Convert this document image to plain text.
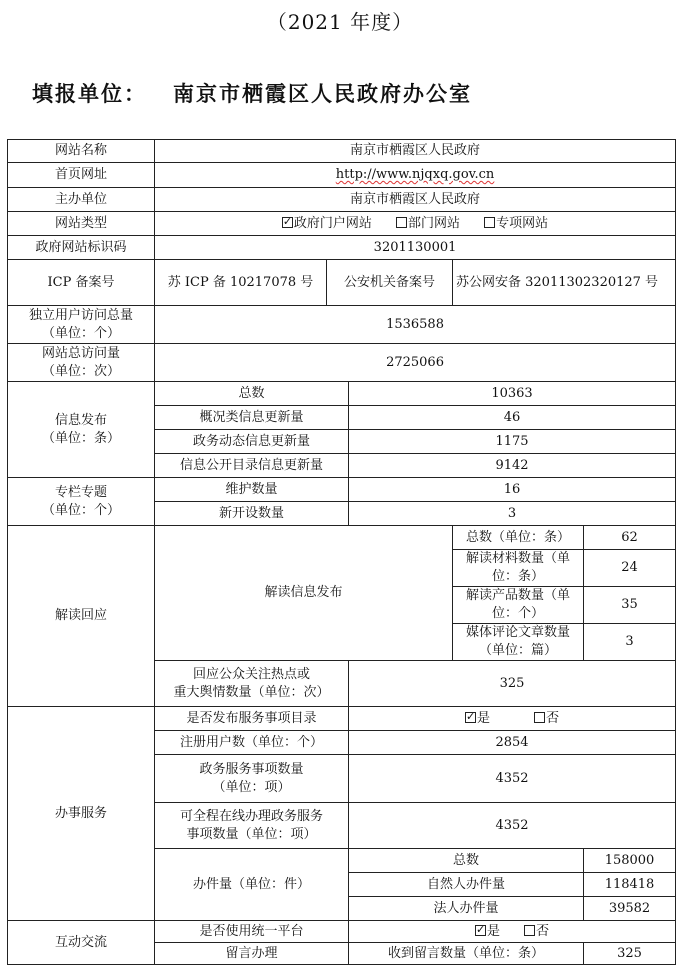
（2021 年度）
填报单位： 南京市栖霞区人民政府办公室
网站名称	南京市栖霞区人民政府				
首页网址	http://www.njqxq.gov.cn				
主办单位	南京市栖霞区人民政府				
网站类型	✓政府门户网站 部门网站 专项网站
政府网站标识码	3201130001				
ICP 备案号	苏 ICP 备 10217078 号	公安机关备案号		苏公网安备 32011302320127 号	
独立用户访问总量
（单位：个）	1536588				
网站总访问量
（单位：次）	2725066				
信息发布
（单位：条）	总数		10363		
	概况类信息更新量		46		
	政务动态信息更新量		1175		
	信息公开目录信息更新量		9142		
专栏专题
（单位：个）	维护数量		16		
	新开设数量		3		
解读回应	解读信息发布			总数（单位：条）	62
				解读材料数量（单位：条）	24
				解读产品数量（单位：个）	35
				媒体评论文章数量（单位：篇）	3
	回应公众关注热点或
重大舆情数量（单位：次）		325		
办事服务	是否发布服务事项目录	✓是 否
	注册用户数（单位：个）		2854		
	政务服务事项数量
（单位：项）		4352		
	可全程在线办理政务服务
事项数量（单位：项）		4352		
	办件量（单位：件）		总数		158000
			自然人办件量		118418
			法人办件量		39582
互动交流	是否使用统一平台	✓是 否
	留言办理		收到留言数量（单位：条）		325
